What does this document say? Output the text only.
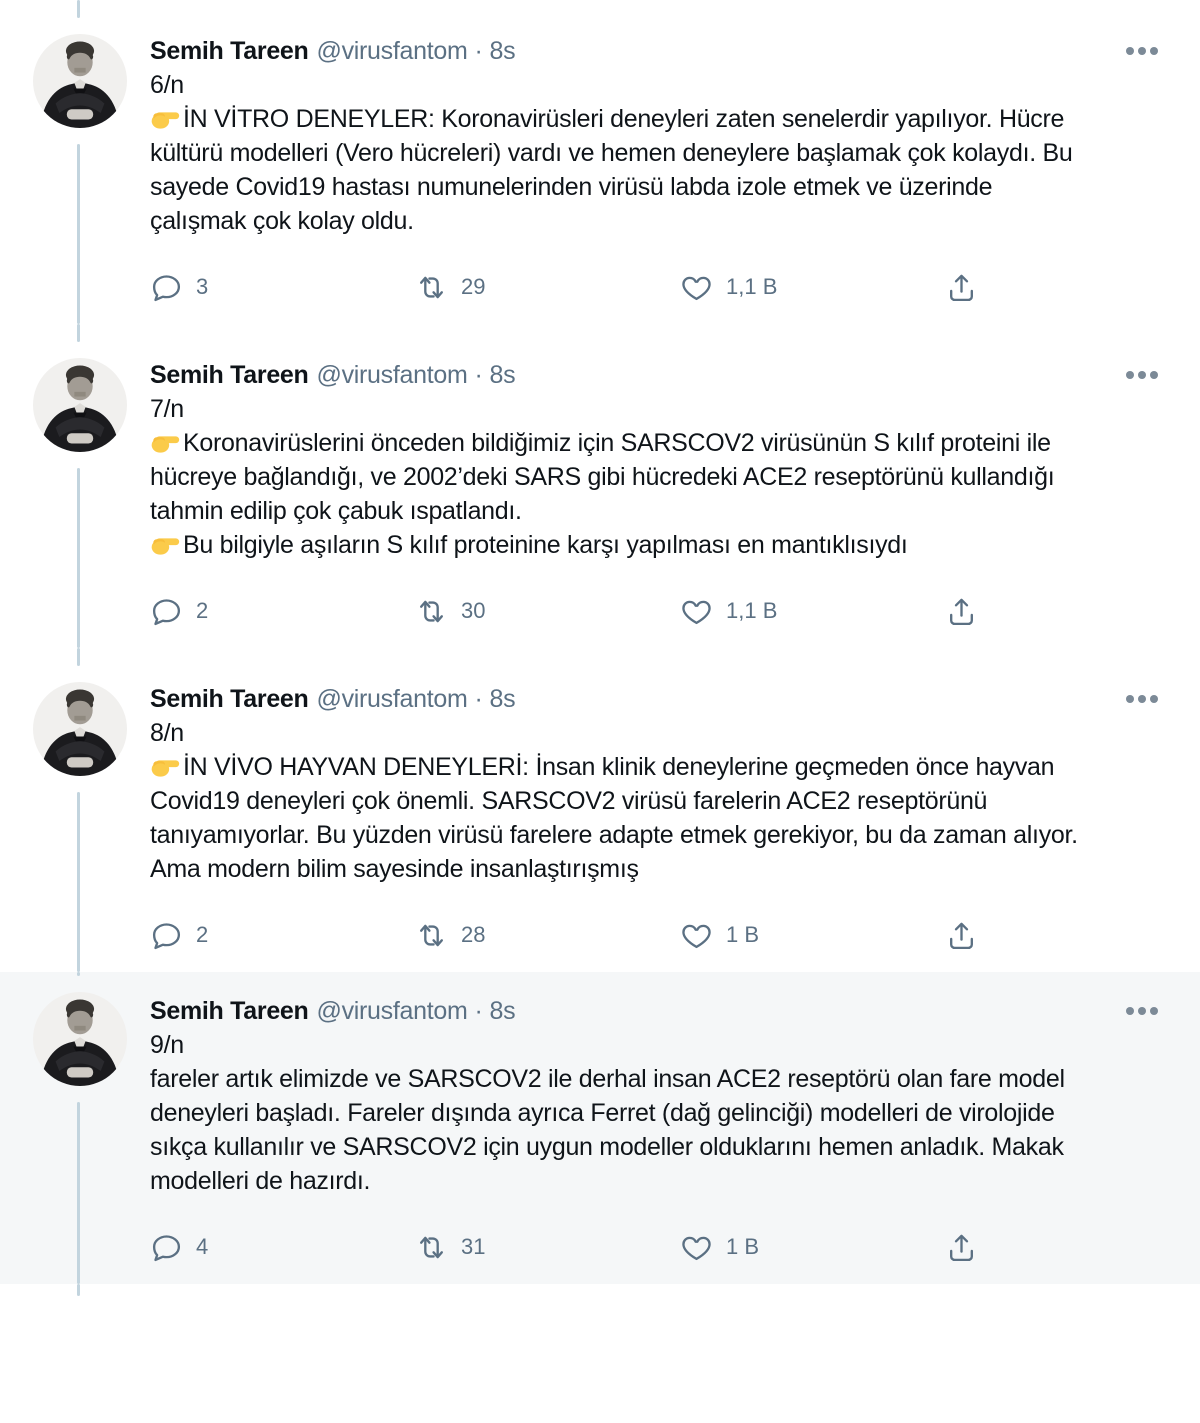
Semih Tareen @virusfantom · 8s
6/n
İN VİTRO DENEYLER: Koronavirüsleri deneyleri zaten senelerdir yapılıyor. Hücre kültürü modelleri (Vero hücreleri) vardı ve hemen deneylere başlamak çok kolaydı. Bu sayede Covid19 hastası numunelerinden virüsü labda izole etmek ve üzerinde çalışmak çok kolay oldu.
3	29	1,1 B
Semih Tareen @virusfantom · 8s
7/n
Koronavirüslerini önceden bildiğimiz için SARSCOV2 virüsünün S kılıf proteini ile hücreye bağlandığı, ve 2002’deki SARS gibi hücredeki ACE2 reseptörünü kullandığı tahmin edilip çok çabuk ıspatlandı.
Bu bilgiyle aşıların S kılıf proteinine karşı yapılması en mantıklısıydı
2	30	1,1 B
Semih Tareen @virusfantom · 8s
8/n
İN VİVO HAYVAN DENEYLERİ: İnsan klinik deneylerine geçmeden önce hayvan Covid19 deneyleri çok önemli. SARSCOV2 virüsü farelerin ACE2 reseptörünü tanıyamıyorlar. Bu yüzden virüsü farelere adapte etmek gerekiyor, bu da zaman alıyor. Ama modern bilim sayesinde insanlaştırışmış
2	28	1 B
Semih Tareen @virusfantom · 8s
9/n
fareler artık elimizde ve SARSCOV2 ile derhal insan ACE2 reseptörü olan fare model deneyleri başladı. Fareler dışında ayrıca Ferret (dağ gelinciği) modelleri de virolojide sıkça kullanılır ve SARSCOV2 için uygun modeller olduklarını hemen anladık. Makak modelleri de hazırdı.
4	31	1 B
